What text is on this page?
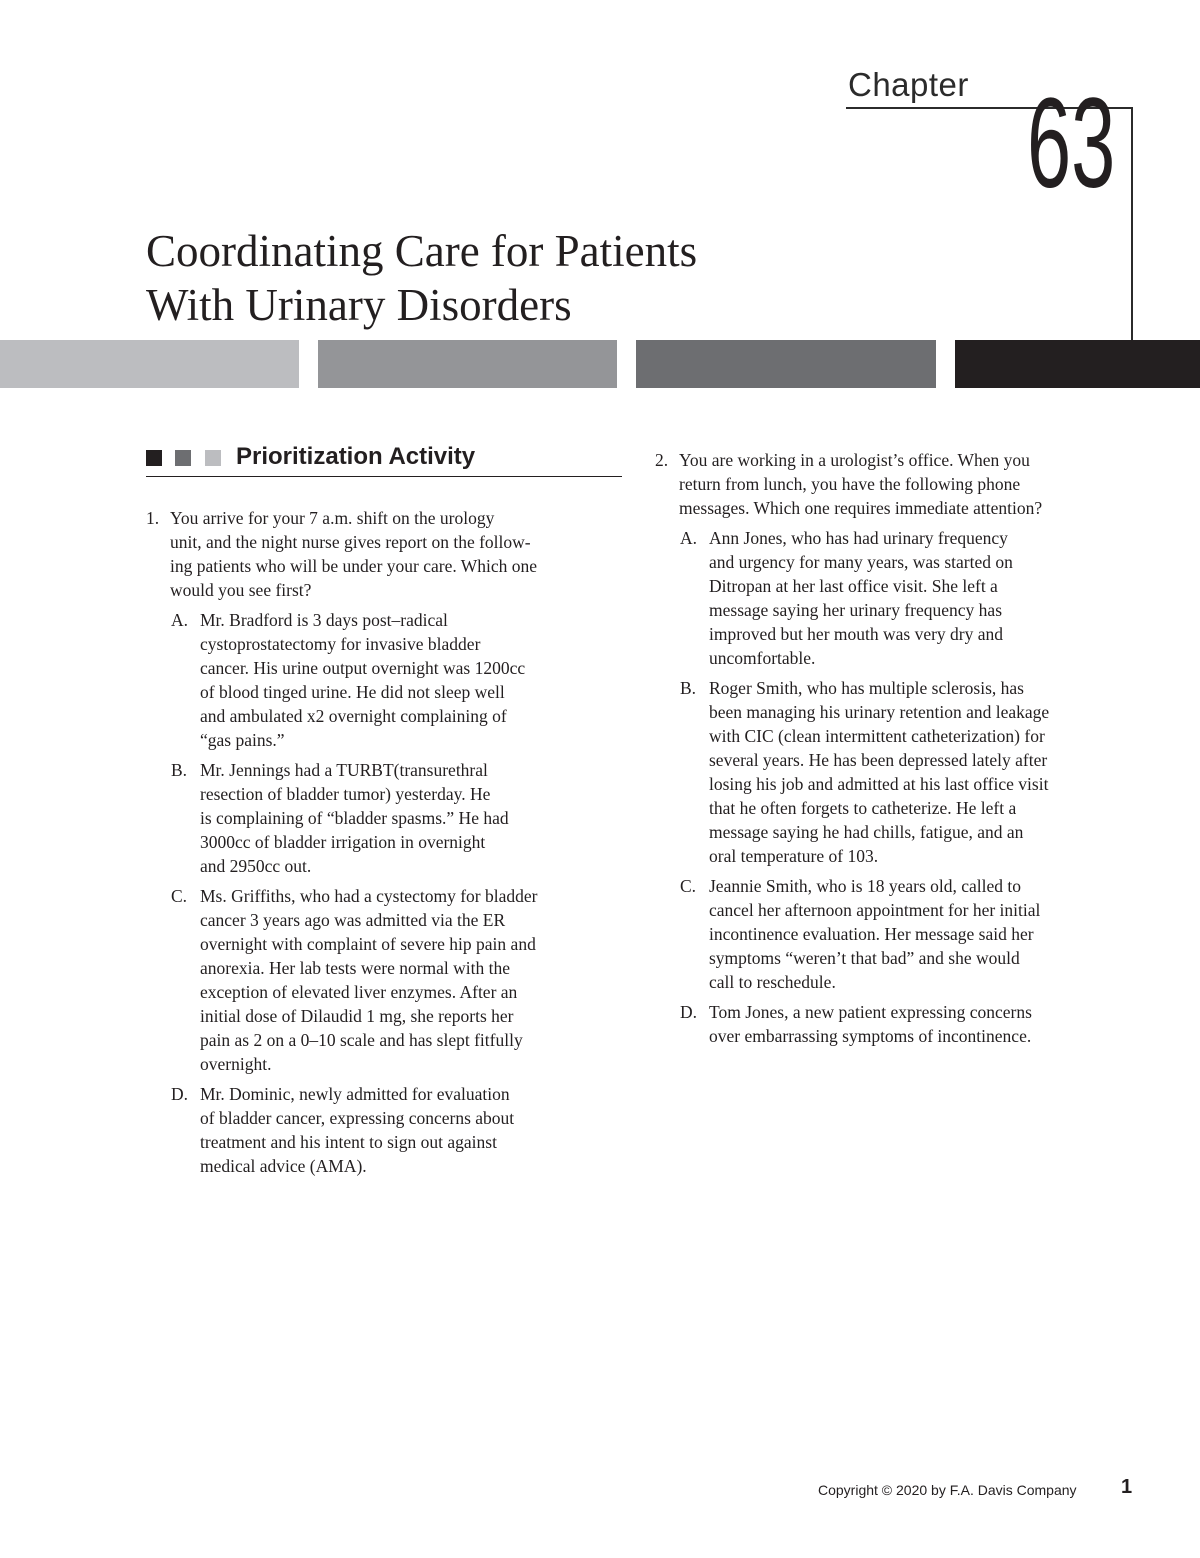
Chapter 63
Coordinating Care for Patients
With Urinary Disorders
Prioritization Activity
1. You arrive for your 7 a.m. shift on the urology
unit, and the night nurse gives report on the follow-
ing patients who will be under your care. Which one
would you see first?
A. Mr. Bradford is 3 days post–radical
cystoprostatectomy for invasive bladder
cancer. His urine output overnight was 1200cc
of blood tinged urine. He did not sleep well
and ambulated x2 overnight complaining of
“gas pains.”
B. Mr. Jennings had a TURBT(transurethral
resection of bladder tumor) yesterday. He
is complaining of “bladder spasms.” He had
3000cc of bladder irrigation in overnight
and 2950cc out.
C. Ms. Griffiths, who had a cystectomy for bladder
cancer 3 years ago was admitted via the ER
overnight with complaint of severe hip pain and
anorexia. Her lab tests were normal with the
exception of elevated liver enzymes. After an
initial dose of Dilaudid 1 mg, she reports her
pain as 2 on a 0–10 scale and has slept fitfully
overnight.
D. Mr. Dominic, newly admitted for evaluation
of bladder cancer, expressing concerns about
treatment and his intent to sign out against
medical advice (AMA).
2. You are working in a urologist’s office. When you
return from lunch, you have the following phone
messages. Which one requires immediate attention?
A. Ann Jones, who has had urinary frequency
and urgency for many years, was started on
Ditropan at her last office visit. She left a
message saying her urinary frequency has
improved but her mouth was very dry and
uncomfortable.
B. Roger Smith, who has multiple sclerosis, has
been managing his urinary retention and leakage
with CIC (clean intermittent catheterization) for
several years. He has been depressed lately after
losing his job and admitted at his last office visit
that he often forgets to catheterize. He left a
message saying he had chills, fatigue, and an
oral temperature of 103.
C. Jeannie Smith, who is 18 years old, called to
cancel her afternoon appointment for her initial
incontinence evaluation. Her message said her
symptoms “weren’t that bad” and she would
call to reschedule.
D. Tom Jones, a new patient expressing concerns
over embarrassing symptoms of incontinence.
Copyright © 2020 by F.A. Davis Company 1
